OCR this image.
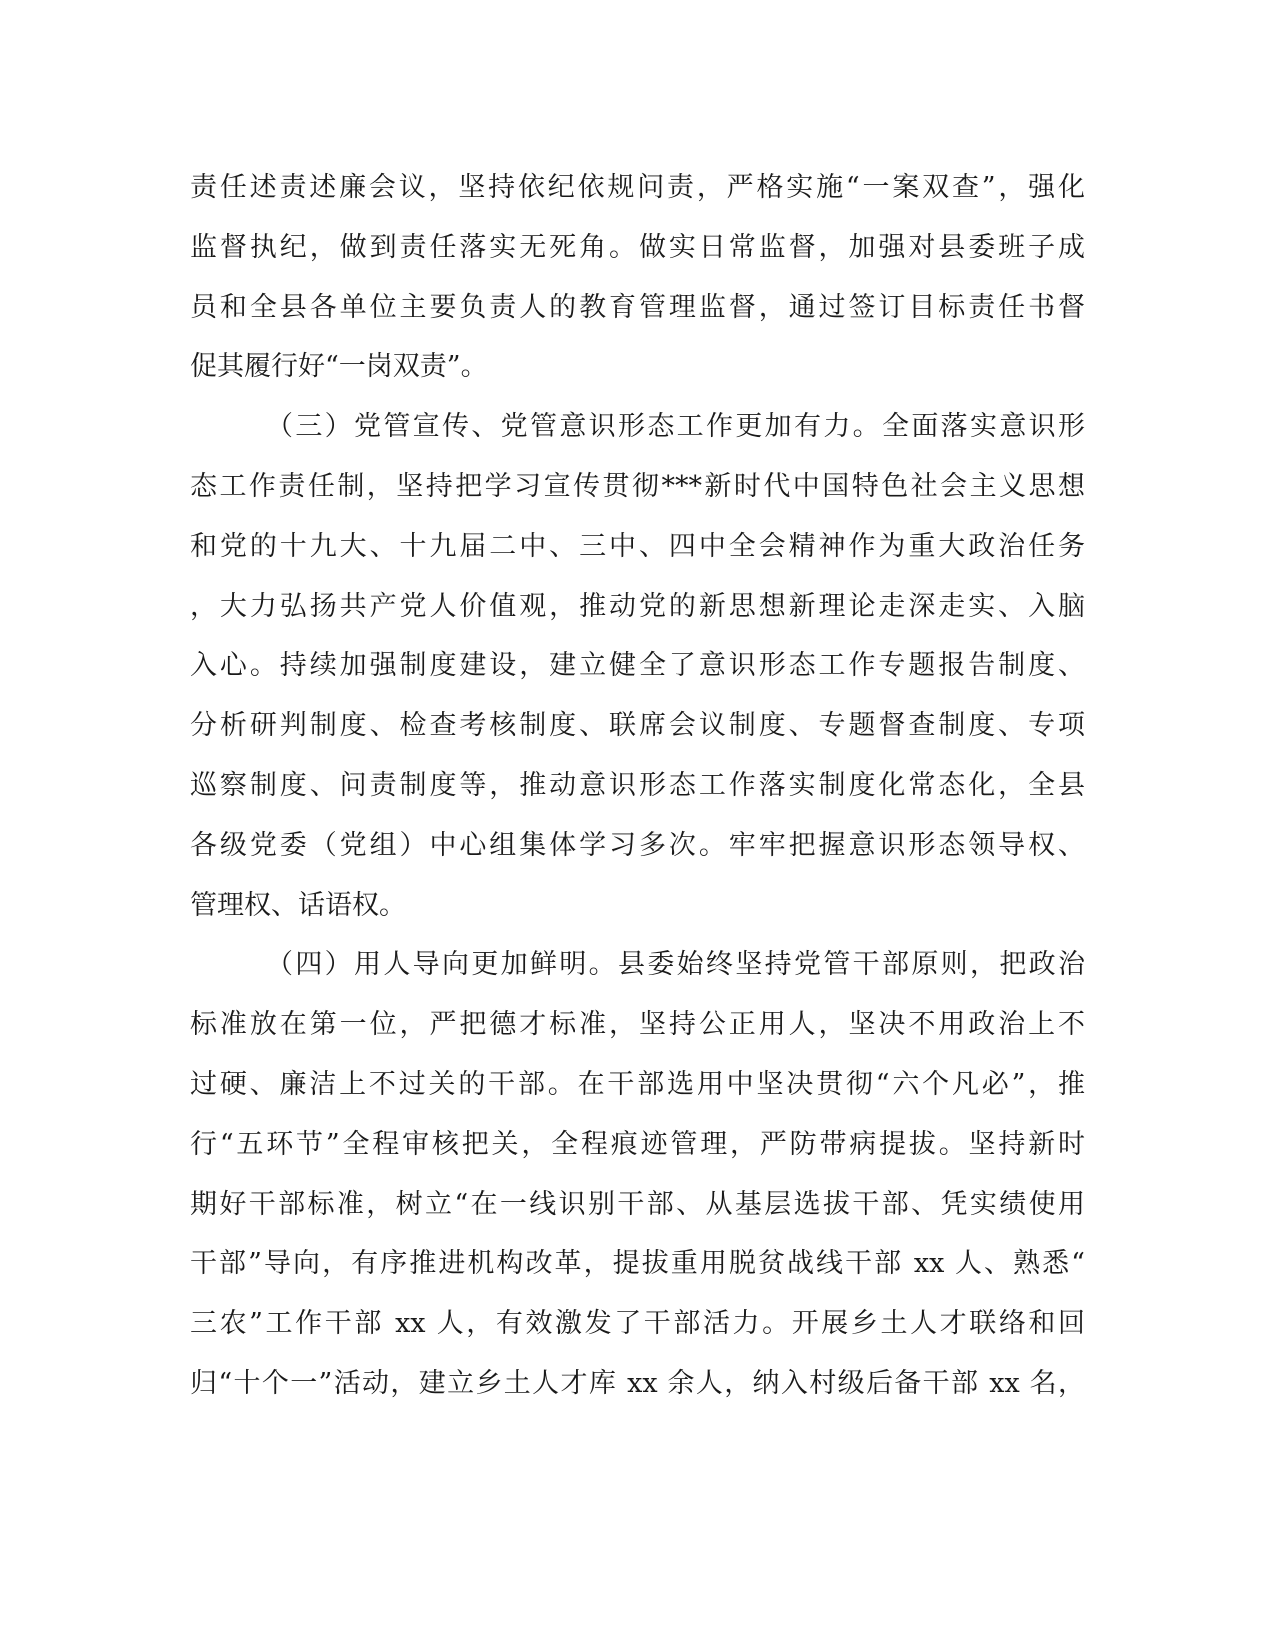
责任述责述廉会议，坚持依纪依规问责，严格实施“一案双查”，强化
监督执纪，做到责任落实无死角。做实日常监督，加强对县委班子成
员和全县各单位主要负责人的教育管理监督，通过签订目标责任书督
促其履行好“一岗双责”。
（三）党管宣传、党管意识形态工作更加有力。全面落实意识形
态工作责任制，坚持把学习宣传贯彻***新时代中国特色社会主义思想
和党的十九大、十九届二中、三中、四中全会精神作为重大政治任务
，大力弘扬共产党人价值观，推动党的新思想新理论走深走实、入脑
入心。持续加强制度建设，建立健全了意识形态工作专题报告制度、
分析研判制度、检查考核制度、联席会议制度、专题督查制度、专项
巡察制度、问责制度等，推动意识形态工作落实制度化常态化，全县
各级党委（党组）中心组集体学习多次。牢牢把握意识形态领导权、
管理权、话语权。
（四）用人导向更加鲜明。县委始终坚持党管干部原则，把政治
标准放在第一位，严把德才标准，坚持公正用人，坚决不用政治上不
过硬、廉洁上不过关的干部。在干部选用中坚决贯彻“六个凡必”，推
行“五环节”全程审核把关，全程痕迹管理，严防带病提拔。坚持新时
期好干部标准，树立“在一线识别干部、从基层选拔干部、凭实绩使用
干部”导向，有序推进机构改革，提拔重用脱贫战线干部 xx 人、熟悉“
三农”工作干部 xx 人，有效激发了干部活力。开展乡土人才联络和回
归“十个一”活动，建立乡土人才库 xx 余人，纳入村级后备干部 xx 名，
